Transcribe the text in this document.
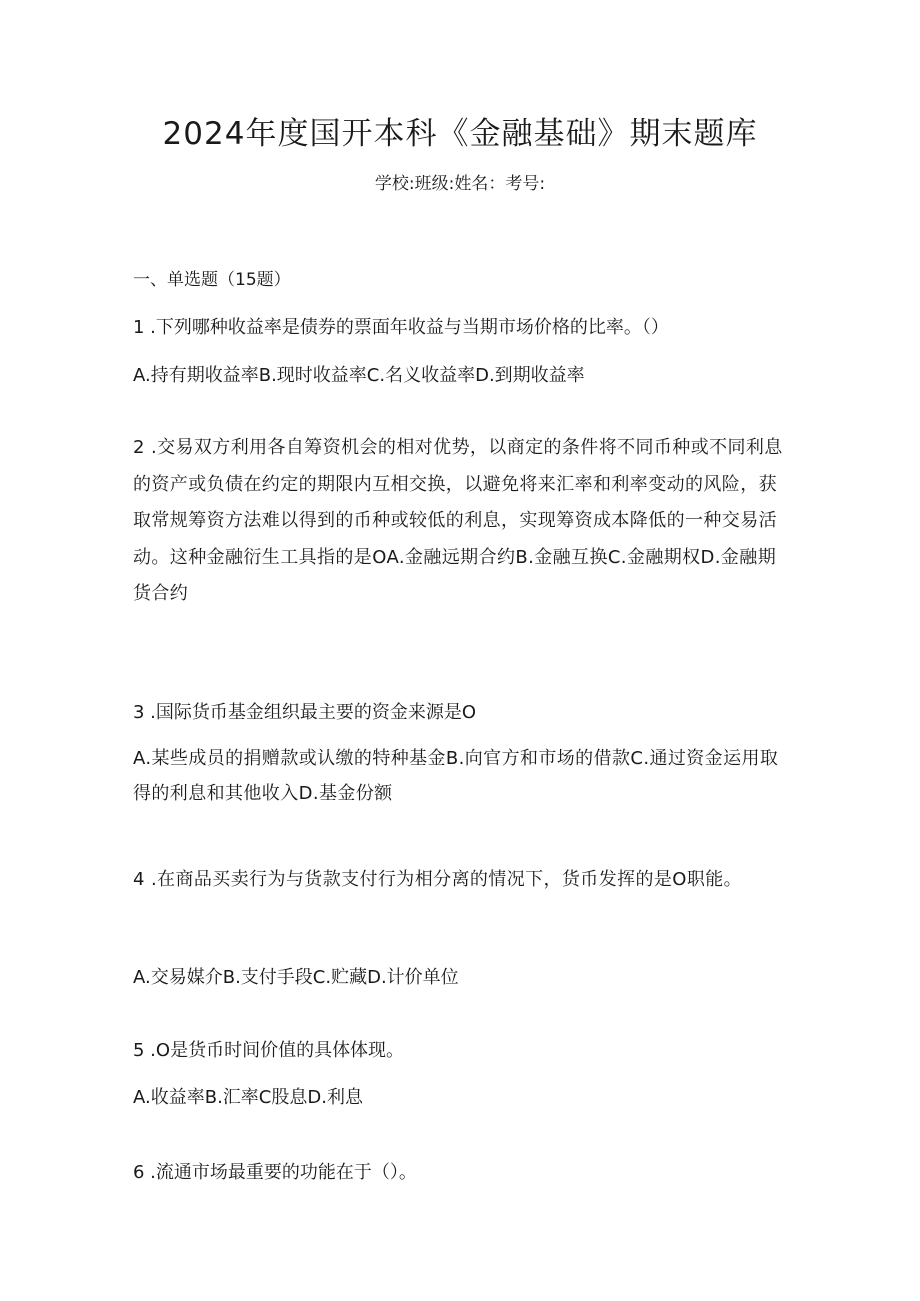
2024年度国开本科《金融基础》期末题库
学校:班级:姓名：考号:
一、单选题（15题）
1 .下列哪种收益率是债券的票面年收益与当期市场价格的比率。（）
A.持有期收益率B.现时收益率C.名义收益率D.到期收益率
2 .交易双方利用各自筹资机会的相对优势，以商定的条件将不同币种或不同利息的资产或负债在约定的期限内互相交换，以避免将来汇率和利率变动的风险，获取常规筹资方法难以得到的币种或较低的利息，实现筹资成本降低的一种交易活动。这种金融衍生工具指的是OA.金融远期合约B.金融互换C.金融期权D.金融期货合约
3 .国际货币基金组织最主要的资金来源是O
A.某些成员的捐赠款或认缴的特种基金B.向官方和市场的借款C.通过资金运用取得的利息和其他收入D.基金份额
4 .在商品买卖行为与货款支付行为相分离的情况下，货币发挥的是O职能。
A.交易媒介B.支付手段C.贮藏D.计价单位
5 .O是货币时间价值的具体体现。
A.收益率B.汇率C股息D.利息
6 .流通市场最重要的功能在于（）。
